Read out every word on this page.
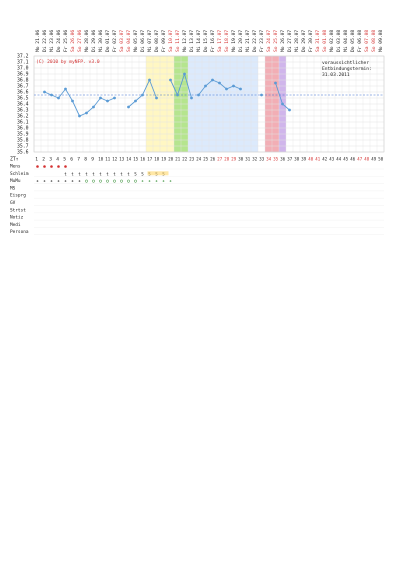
Mo 21.06 Di 22.06 Mi 23.06 Do 24.06 Fr 25.06 Sa 26.06 So 27.06 Mo 28.06 Di 29.06 Mi 30.06 Do 01.07 Fr 02.07 Sa 03.07 So 04.07 Mo 05.07 Di 06.07 Mi 07.07 Do 08.07 Fr 09.07 Sa 10.07 So 11.07 Mo 12.07 Di 13.07 Mi 14.07 Do 15.07 Fr 16.07 Sa 17.07 So 18.07 Mo 19.07 Di 20.07 Mi 21.07 Do 22.07 Fr 23.07 Sa 24.07 So 25.07 Mo 26.07 Di 27.07 Mi 28.07 Do 29.07 Fr 30.07 Sa 31.07 So 01.08 Mo 02.08 Di 03.08 Mi 04.08 Do 05.08 Fr 06.08 Sa 07.08 So 08.08 Mo 09.08
37.2
37.1
37.0
36.9
36.8
36.7
36.6
36.5
36.4
36.3
36.2
36.1
36.0
35.9
35.8
35.7
35.6
(C) 2010 by myNFP. v3.0	voraussichtlicher
Entbindungstermin:
31.03.2011
ZT↑	1 2 3 4 5 6 7 8 9 10 11 12 13 14 15 16 17 18 19 20 21 22 23 24 25 26 27 28 29 30 31 32 33 34 35 36 37 38 39 40 41 42 43 44 45 46 47 48 49 50
Mens
Schleim
MuMu
MS
Eisprg
GV
Strtst
Notiz
Medi
Persona
t t t t t t t t t t S S
